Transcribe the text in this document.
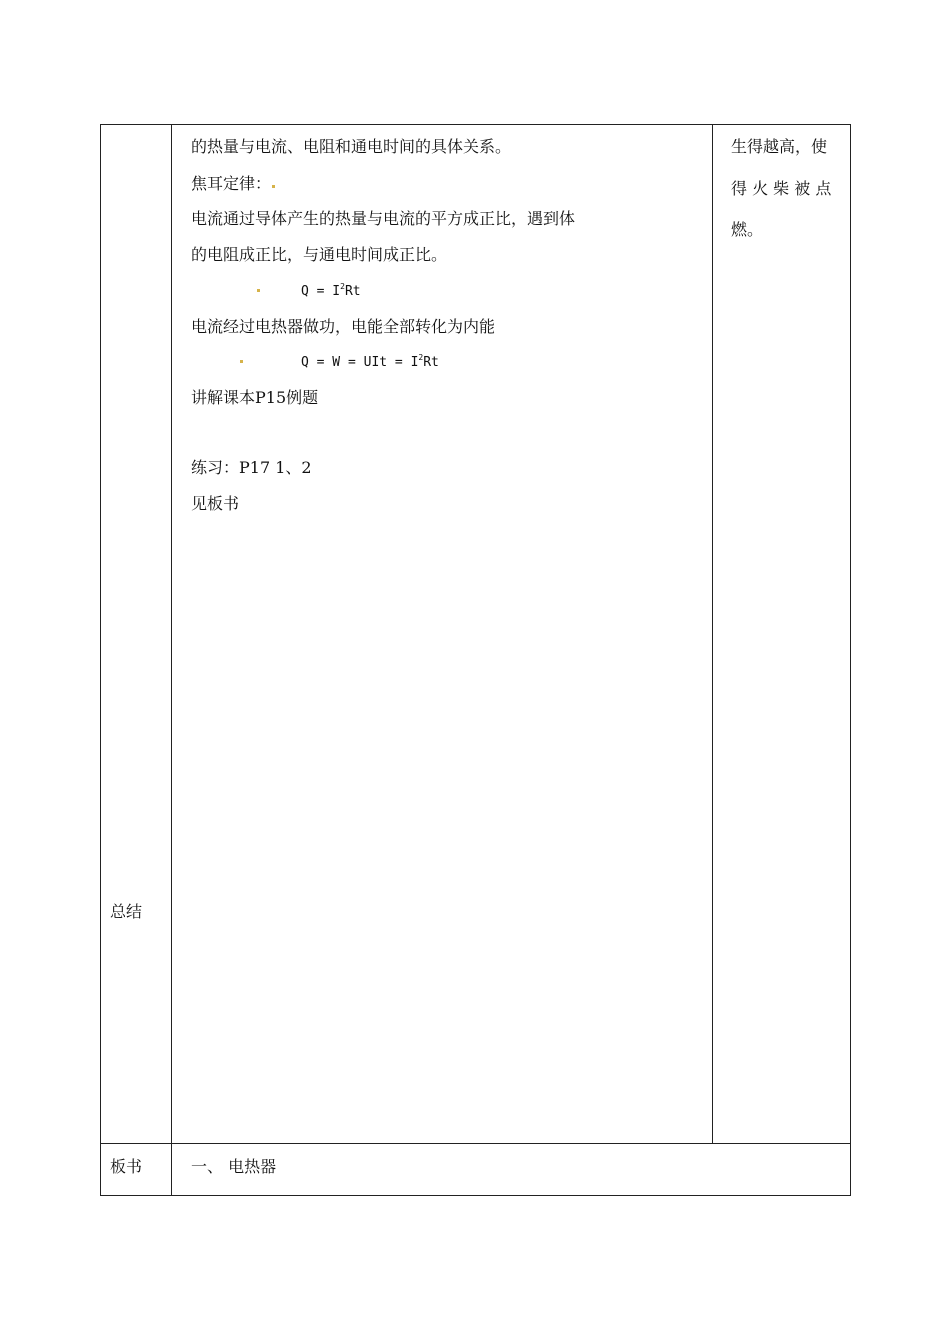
总结
的热量与电流、电阻和通电时间的具体关系。
焦耳定律：
电流通过导体产生的热量与电流的平方成正比，遇到体
的电阻成正比，与通电时间成正比。
$Q = I^2Rt$
电流经过电热器做功，电能全部转化为内能
Q = W = UIt = $I^2Rt$
讲解课本P15例题
练习：P17 1、2
见板书
生得越高，使
得 火 柴 被 点
燃。
板书	一、 电热器
